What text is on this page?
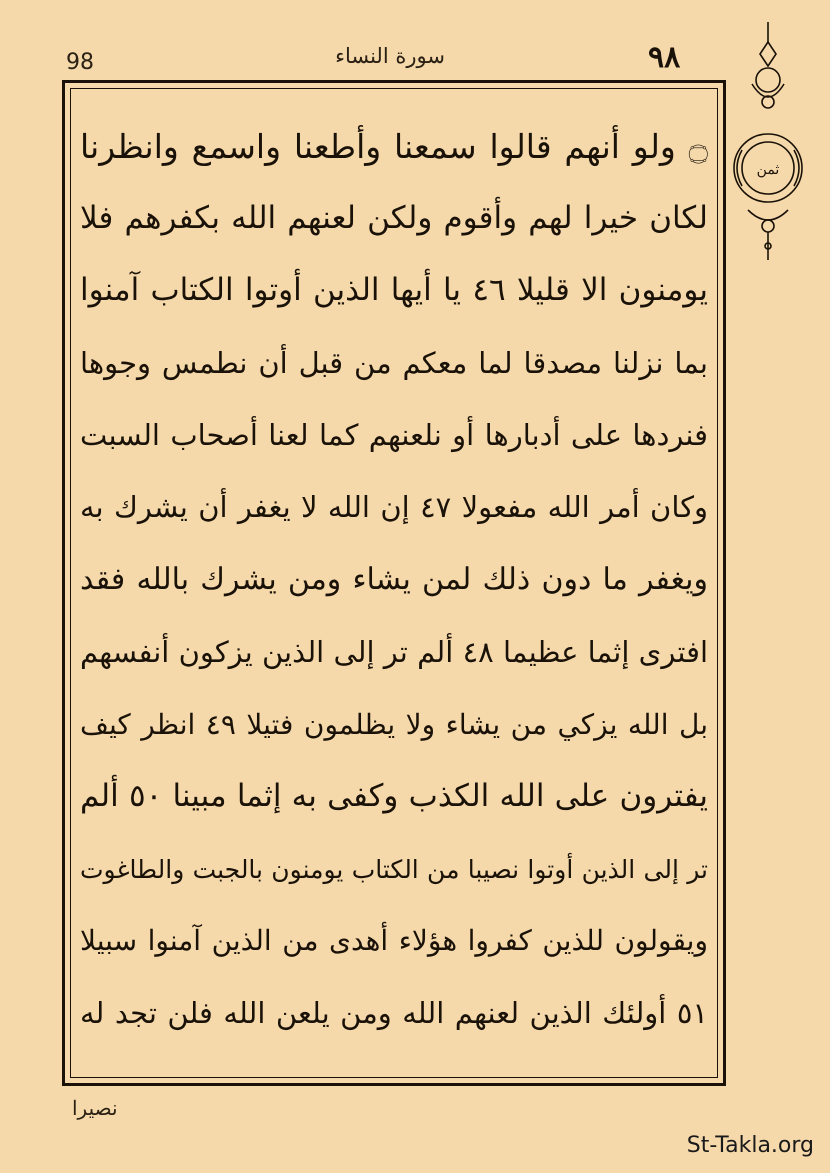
98	سورة النساء	٩٨
ثمن
۝ ولو أنهم قالوا سمعنا وأطعنا واسمع وانظرنا
لكان خيرا لهم وأقوم ولكن لعنهم الله بكفرهم فلا
يومنون الا قليلا ٤٦ يا أيها الذين أوتوا الكتاب آمنوا
بما نزلنا مصدقا لما معكم من قبل أن نطمس وجوها
فنردها على أدبارها أو نلعنهم كما لعنا أصحاب السبت
وكان أمر الله مفعولا ٤٧ إن الله لا يغفر أن يشرك به
ويغفر ما دون ذلك لمن يشاء ومن يشرك بالله فقد
افترى إثما عظيما ٤٨ ألم تر إلى الذين يزكون أنفسهم
بل الله يزكي من يشاء ولا يظلمون فتيلا ٤٩ انظر كيف
يفترون على الله الكذب وكفى به إثما مبينا ٥٠ ألم
تر إلى الذين أوتوا نصيبا من الكتاب يومنون بالجبت والطاغوت
ويقولون للذين كفروا هؤلاء أهدى من الذين آمنوا سبيلا
٥١ أولئك الذين لعنهم الله ومن يلعن الله فلن تجد له
نصيرا
St-Takla.org
